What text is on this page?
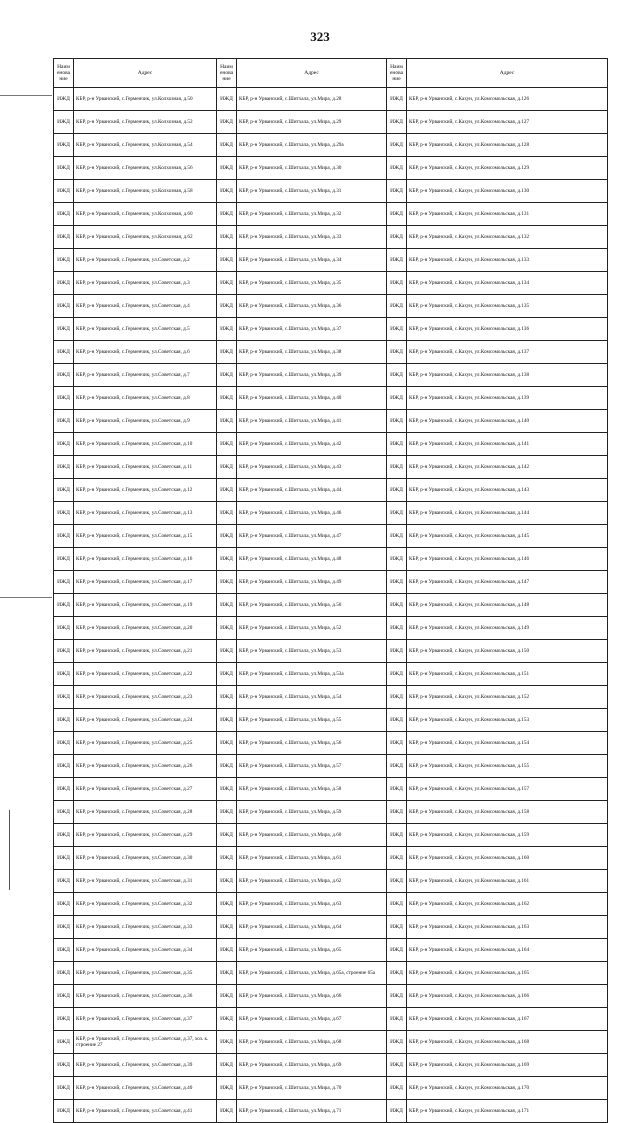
323
Наим енова ние	Адрес	Наим енова ние	Адрес	Наим енова ние	Адрес
ИЖД	КБР, р-н Урванский, с.Герменчик, ул.Колхозная, д.50	ИЖД	КБР, р-н Урванский, с.Шитхала, ул.Мира, д.28	ИЖД	КБР, р-н Урванский, с.Кахун, ул.Комсомольская, д.126
ИЖД	КБР, р-н Урванский, с.Герменчик, ул.Колхозная, д.52	ИЖД	КБР, р-н Урванский, с.Шитхала, ул.Мира, д.29	ИЖД	КБР, р-н Урванский, с.Кахун, ул.Комсомольская, д.127
ИЖД	КБР, р-н Урванский, с.Герменчик, ул.Колхозная, д.54	ИЖД	КБР, р-н Урванский, с.Шитхала, ул.Мира, д.29а	ИЖД	КБР, р-н Урванский, с.Кахун, ул.Комсомольская, д.128
ИЖД	КБР, р-н Урванский, с.Герменчик, ул.Колхозная, д.56	ИЖД	КБР, р-н Урванский, с.Шитхала, ул.Мира, д.30	ИЖД	КБР, р-н Урванский, с.Кахун, ул.Комсомольская, д.129
ИЖД	КБР, р-н Урванский, с.Герменчик, ул.Колхозная, д.58	ИЖД	КБР, р-н Урванский, с.Шитхала, ул.Мира, д.31	ИЖД	КБР, р-н Урванский, с.Кахун, ул.Комсомольская, д.130
ИЖД	КБР, р-н Урванский, с.Герменчик, ул.Колхозная, д.60	ИЖД	КБР, р-н Урванский, с.Шитхала, ул.Мира, д.32	ИЖД	КБР, р-н Урванский, с.Кахун, ул.Комсомольская, д.131
ИЖД	КБР, р-н Урванский, с.Герменчик, ул.Колхозная, д.62	ИЖД	КБР, р-н Урванский, с.Шитхала, ул.Мира, д.33	ИЖД	КБР, р-н Урванский, с.Кахун, ул.Комсомольская, д.132
ИЖД	КБР, р-н Урванский, с.Герменчик, ул.Советская, д.2	ИЖД	КБР, р-н Урванский, с.Шитхала, ул.Мира, д.34	ИЖД	КБР, р-н Урванский, с.Кахун, ул.Комсомольская, д.133
ИЖД	КБР, р-н Урванский, с.Герменчик, ул.Советская, д.3	ИЖД	КБР, р-н Урванский, с.Шитхала, ул.Мира, д.35	ИЖД	КБР, р-н Урванский, с.Кахун, ул.Комсомольская, д.134
ИЖД	КБР, р-н Урванский, с.Герменчик, ул.Советская, д.4	ИЖД	КБР, р-н Урванский, с.Шитхала, ул.Мира, д.36	ИЖД	КБР, р-н Урванский, с.Кахун, ул.Комсомольская, д.135
ИЖД	КБР, р-н Урванский, с.Герменчик, ул.Советская, д.5	ИЖД	КБР, р-н Урванский, с.Шитхала, ул.Мира, д.37	ИЖД	КБР, р-н Урванский, с.Кахун, ул.Комсомольская, д.136
ИЖД	КБР, р-н Урванский, с.Герменчик, ул.Советская, д.6	ИЖД	КБР, р-н Урванский, с.Шитхала, ул.Мира, д.38	ИЖД	КБР, р-н Урванский, с.Кахун, ул.Комсомольская, д.137
ИЖД	КБР, р-н Урванский, с.Герменчик, ул.Советская, д.7	ИЖД	КБР, р-н Урванский, с.Шитхала, ул.Мира, д.39	ИЖД	КБР, р-н Урванский, с.Кахун, ул.Комсомольская, д.138
ИЖД	КБР, р-н Урванский, с.Герменчик, ул.Советская, д.8	ИЖД	КБР, р-н Урванский, с.Шитхала, ул.Мира, д.40	ИЖД	КБР, р-н Урванский, с.Кахун, ул.Комсомольская, д.139
ИЖД	КБР, р-н Урванский, с.Герменчик, ул.Советская, д.9	ИЖД	КБР, р-н Урванский, с.Шитхала, ул.Мира, д.41	ИЖД	КБР, р-н Урванский, с.Кахун, ул.Комсомольская, д.140
ИЖД	КБР, р-н Урванский, с.Герменчик, ул.Советская, д.10	ИЖД	КБР, р-н Урванский, с.Шитхала, ул.Мира, д.42	ИЖД	КБР, р-н Урванский, с.Кахун, ул.Комсомольская, д.141
ИЖД	КБР, р-н Урванский, с.Герменчик, ул.Советская, д.11	ИЖД	КБР, р-н Урванский, с.Шитхала, ул.Мира, д.43	ИЖД	КБР, р-н Урванский, с.Кахун, ул.Комсомольская, д.142
ИЖД	КБР, р-н Урванский, с.Герменчик, ул.Советская, д.12	ИЖД	КБР, р-н Урванский, с.Шитхала, ул.Мира, д.44	ИЖД	КБР, р-н Урванский, с.Кахун, ул.Комсомольская, д.143
ИЖД	КБР, р-н Урванский, с.Герменчик, ул.Советская, д.13	ИЖД	КБР, р-н Урванский, с.Шитхала, ул.Мира, д.46	ИЖД	КБР, р-н Урванский, с.Кахун, ул.Комсомольская, д.144
ИЖД	КБР, р-н Урванский, с.Герменчик, ул.Советская, д.15	ИЖД	КБР, р-н Урванский, с.Шитхала, ул.Мира, д.47	ИЖД	КБР, р-н Урванский, с.Кахун, ул.Комсомольская, д.145
ИЖД	КБР, р-н Урванский, с.Герменчик, ул.Советская, д.16	ИЖД	КБР, р-н Урванский, с.Шитхала, ул.Мира, д.48	ИЖД	КБР, р-н Урванский, с.Кахун, ул.Комсомольская, д.146
ИЖД	КБР, р-н Урванский, с.Герменчик, ул.Советская, д.17	ИЖД	КБР, р-н Урванский, с.Шитхала, ул.Мира, д.49	ИЖД	КБР, р-н Урванский, с.Кахун, ул.Комсомольская, д.147
ИЖД	КБР, р-н Урванский, с.Герменчик, ул.Советская, д.19	ИЖД	КБР, р-н Урванский, с.Шитхала, ул.Мира, д.50	ИЖД	КБР, р-н Урванский, с.Кахун, ул.Комсомольская, д.148
ИЖД	КБР, р-н Урванский, с.Герменчик, ул.Советская, д.20	ИЖД	КБР, р-н Урванский, с.Шитхала, ул.Мира, д.52	ИЖД	КБР, р-н Урванский, с.Кахун, ул.Комсомольская, д.149
ИЖД	КБР, р-н Урванский, с.Герменчик, ул.Советская, д.21	ИЖД	КБР, р-н Урванский, с.Шитхала, ул.Мира, д.53	ИЖД	КБР, р-н Урванский, с.Кахун, ул.Комсомольская, д.150
ИЖД	КБР, р-н Урванский, с.Герменчик, ул.Советская, д.22	ИЖД	КБР, р-н Урванский, с.Шитхала, ул.Мира, д.53а	ИЖД	КБР, р-н Урванский, с.Кахун, ул.Комсомольская, д.151
ИЖД	КБР, р-н Урванский, с.Герменчик, ул.Советская, д.23	ИЖД	КБР, р-н Урванский, с.Шитхала, ул.Мира, д.54	ИЖД	КБР, р-н Урванский, с.Кахун, ул.Комсомольская, д.152
ИЖД	КБР, р-н Урванский, с.Герменчик, ул.Советская, д.24	ИЖД	КБР, р-н Урванский, с.Шитхала, ул.Мира, д.55	ИЖД	КБР, р-н Урванский, с.Кахун, ул.Комсомольская, д.153
ИЖД	КБР, р-н Урванский, с.Герменчик, ул.Советская, д.25	ИЖД	КБР, р-н Урванский, с.Шитхала, ул.Мира, д.56	ИЖД	КБР, р-н Урванский, с.Кахун, ул.Комсомольская, д.154
ИЖД	КБР, р-н Урванский, с.Герменчик, ул.Советская, д.26	ИЖД	КБР, р-н Урванский, с.Шитхала, ул.Мира, д.57	ИЖД	КБР, р-н Урванский, с.Кахун, ул.Комсомольская, д.155
ИЖД	КБР, р-н Урванский, с.Герменчик, ул.Советская, д.27	ИЖД	КБР, р-н Урванский, с.Шитхала, ул.Мира, д.58	ИЖД	КБР, р-н Урванский, с.Кахун, ул.Комсомольская, д.157
ИЖД	КБР, р-н Урванский, с.Герменчик, ул.Советская, д.28	ИЖД	КБР, р-н Урванский, с.Шитхала, ул.Мира, д.59	ИЖД	КБР, р-н Урванский, с.Кахун, ул.Комсомольская, д.158
ИЖД	КБР, р-н Урванский, с.Герменчик, ул.Советская, д.29	ИЖД	КБР, р-н Урванский, с.Шитхала, ул.Мира, д.60	ИЖД	КБР, р-н Урванский, с.Кахун, ул.Комсомольская, д.159
ИЖД	КБР, р-н Урванский, с.Герменчик, ул.Советская, д.30	ИЖД	КБР, р-н Урванский, с.Шитхала, ул.Мира, д.61	ИЖД	КБР, р-н Урванский, с.Кахун, ул.Комсомольская, д.160
ИЖД	КБР, р-н Урванский, с.Герменчик, ул.Советская, д.31	ИЖД	КБР, р-н Урванский, с.Шитхала, ул.Мира, д.62	ИЖД	КБР, р-н Урванский, с.Кахун, ул.Комсомольская, д.161
ИЖД	КБР, р-н Урванский, с.Герменчик, ул.Советская, д.32	ИЖД	КБР, р-н Урванский, с.Шитхала, ул.Мира, д.63	ИЖД	КБР, р-н Урванский, с.Кахун, ул.Комсомольская, д.162
ИЖД	КБР, р-н Урванский, с.Герменчик, ул.Советская, д.33	ИЖД	КБР, р-н Урванский, с.Шитхала, ул.Мира, д.64	ИЖД	КБР, р-н Урванский, с.Кахун, ул.Комсомольская, д.163
ИЖД	КБР, р-н Урванский, с.Герменчик, ул.Советская, д.34	ИЖД	КБР, р-н Урванский, с.Шитхала, ул.Мира, д.65	ИЖД	КБР, р-н Урванский, с.Кахун, ул.Комсомольская, д.164
ИЖД	КБР, р-н Урванский, с.Герменчик, ул.Советская, д.35	ИЖД	КБР, р-н Урванский, с.Шитхала, ул.Мира, д.65а, строение 65а	ИЖД	КБР, р-н Урванский, с.Кахун, ул.Комсомольская, д.165
ИЖД	КБР, р-н Урванский, с.Герменчик, ул.Советская, д.36	ИЖД	КБР, р-н Урванский, с.Шитхала, ул.Мира, д.66	ИЖД	КБР, р-н Урванский, с.Кахун, ул.Комсомольская, д.166
ИЖД	КБР, р-н Урванский, с.Герменчик, ул.Советская, д.37	ИЖД	КБР, р-н Урванский, с.Шитхала, ул.Мира, д.67	ИЖД	КБР, р-н Урванский, с.Кахун, ул.Комсомольская, д.167
ИЖД	КБР, р-н Урванский, с.Герменчик, ул.Советская, д.37, хоз. к. строение 27	ИЖД	КБР, р-н Урванский, с.Шитхала, ул.Мира, д.68	ИЖД	КБР, р-н Урванский, с.Кахун, ул.Комсомольская, д.168
ИЖД	КБР, р-н Урванский, с.Герменчик, ул.Советская, д.39	ИЖД	КБР, р-н Урванский, с.Шитхала, ул.Мира, д.69	ИЖД	КБР, р-н Урванский, с.Кахун, ул.Комсомольская, д.169
ИЖД	КБР, р-н Урванский, с.Герменчик, ул.Советская, д.40	ИЖД	КБР, р-н Урванский, с.Шитхала, ул.Мира, д.70	ИЖД	КБР, р-н Урванский, с.Кахун, ул.Комсомольская, д.170
ИЖД	КБР, р-н Урванский, с.Герменчик, ул.Советская, д.41	ИЖД	КБР, р-н Урванский, с.Шитхала, ул.Мира, д.71	ИЖД	КБР, р-н Урванский, с.Кахун, ул.Комсомольская, д.171
